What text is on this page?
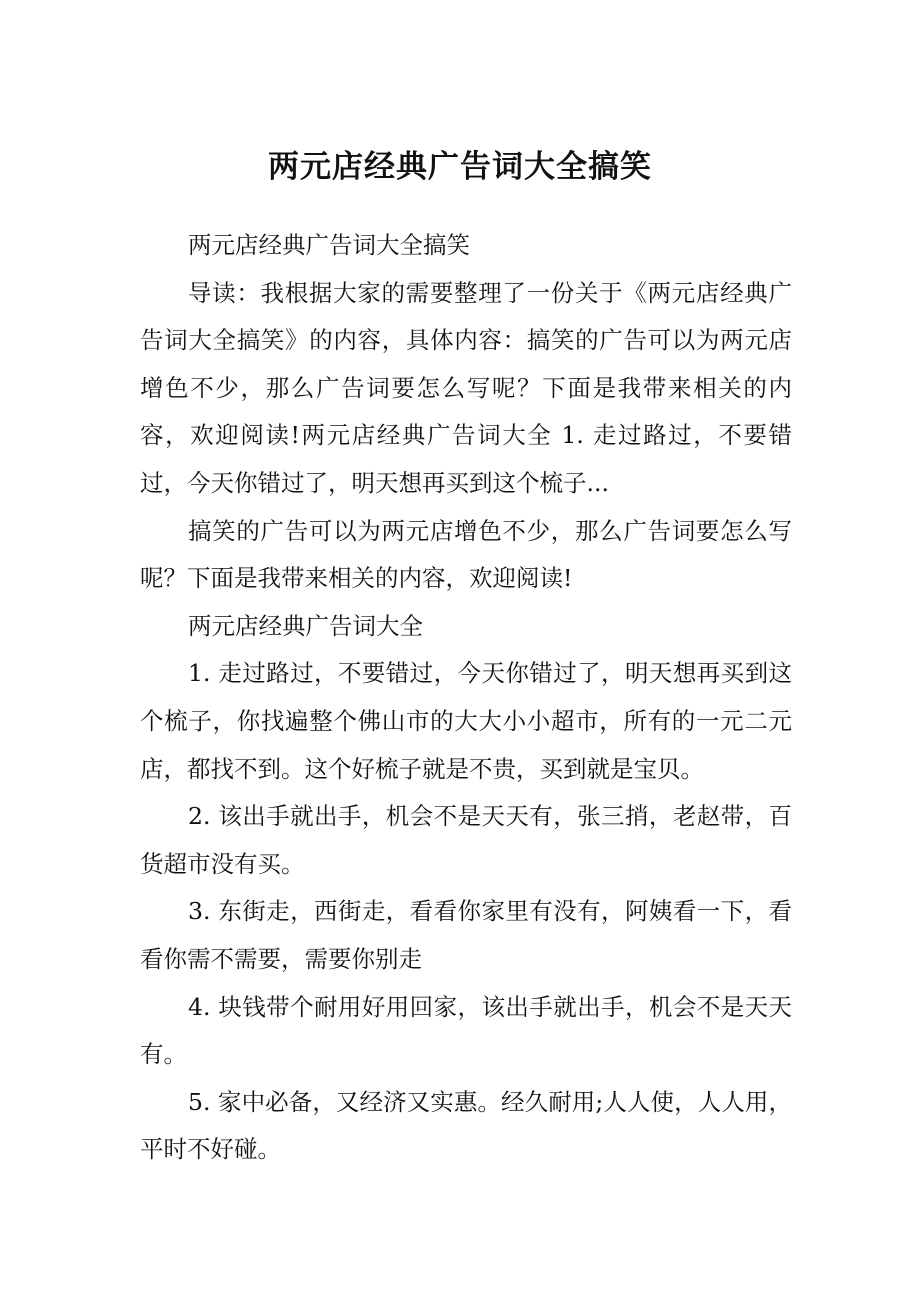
两元店经典广告词大全搞笑

两元店经典广告词大全搞笑

导读：我根据大家的需要整理了一份关于《两元店经典广告词大全搞笑》的内容，具体内容：搞笑的广告可以为两元店增色不少，那么广告词要怎么写呢？下面是我带来相关的内容，欢迎阅读!两元店经典广告词大全 1. 走过路过，不要错过，今天你错过了，明天想再买到这个梳子...

搞笑的广告可以为两元店增色不少，那么广告词要怎么写呢？下面是我带来相关的内容，欢迎阅读!

两元店经典广告词大全

1. 走过路过，不要错过，今天你错过了，明天想再买到这个梳子，你找遍整个佛山市的大大小小超市，所有的一元二元店，都找不到。这个好梳子就是不贵，买到就是宝贝。

2. 该出手就出手，机会不是天天有，张三捎，老赵带，百货超市没有买。

3. 东街走，西街走，看看你家里有没有，阿姨看一下，看看你需不需要，需要你别走

4. 块钱带个耐用好用回家，该出手就出手，机会不是天天有。

5. 家中必备，又经济又实惠。经久耐用;人人使，人人用，平时不好碰。
